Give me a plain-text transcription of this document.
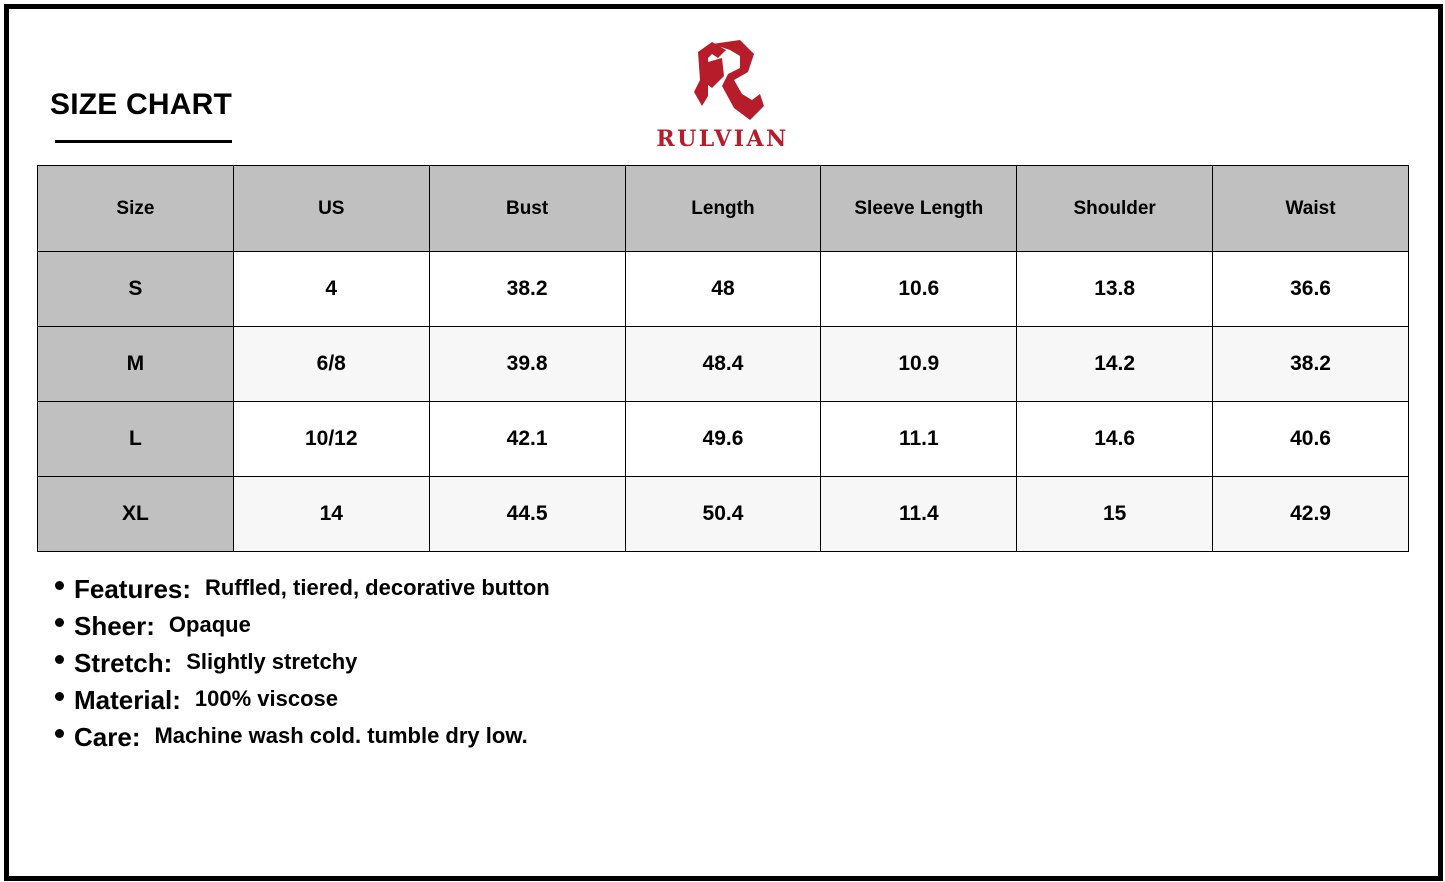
SIZE CHART
RULVIAN
Size	US	Bust	Length	Sleeve Length	Shoulder	Waist
S	4	38.2	48	10.6	13.8	36.6
M	6/8	39.8	48.4	10.9	14.2	38.2
L	10/12	42.1	49.6	11.1	14.6	40.6
XL	14	44.5	50.4	11.4	15	42.9
Features: Ruffled, tiered, decorative button
Sheer: Opaque
Stretch: Slightly stretchy
Material: 100% viscose
Care: Machine wash cold. tumble dry low.
